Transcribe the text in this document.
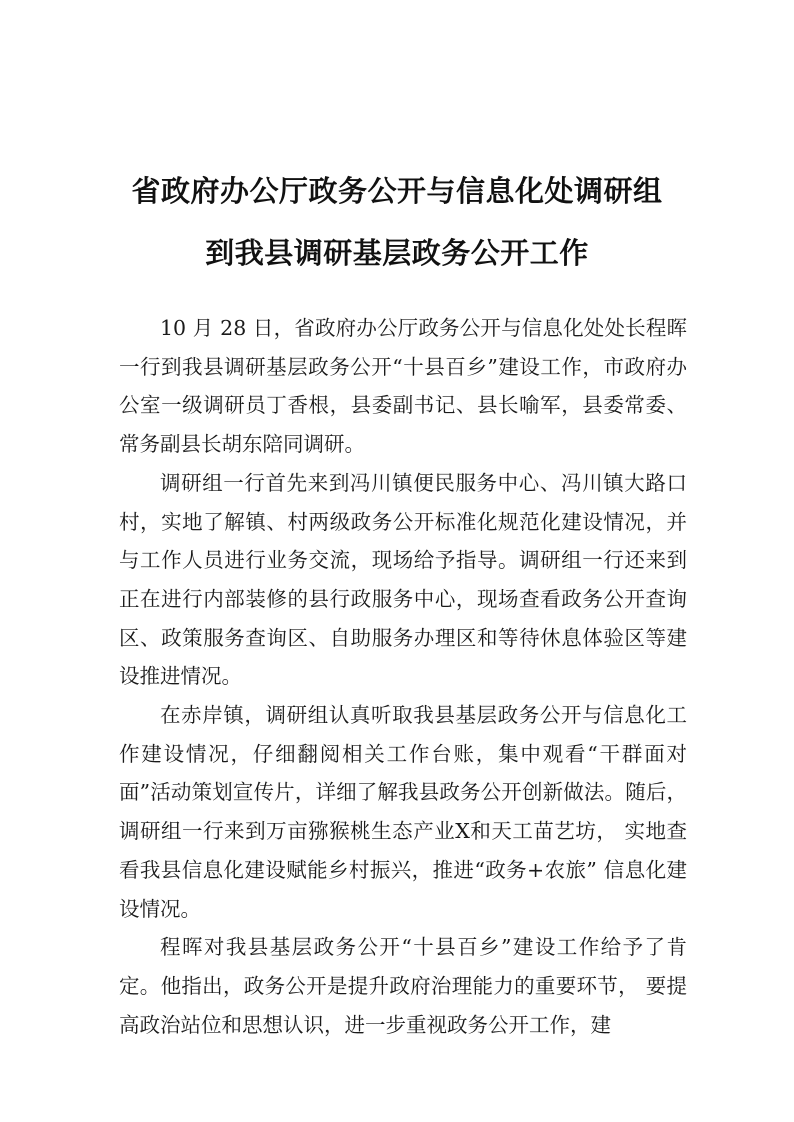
省政府办公厅政务公开与信息化处调研组
到我县调研基层政务公开工作

10 月 28 日，省政府办公厅政务公开与信息化处处长程晖一行到我县调研基层政务公开“十县百乡”建设工作，市政府办公室一级调研员丁香根，县委副书记、县长喻军，县委常委、常务副县长胡东陪同调研。

调研组一行首先来到冯川镇便民服务中心、冯川镇大路口村，实地了解镇、村两级政务公开标准化规范化建设情况，并与工作人员进行业务交流，现场给予指导。调研组一行还来到正在进行内部装修的县行政服务中心，现场查看政务公开查询区、政策服务查询区、自助服务办理区和等待休息体验区等建设推进情况。

在赤岸镇，调研组认真听取我县基层政务公开与信息化工作建设情况，仔细翻阅相关工作台账，集中观看“干群面对面”活动策划宣传片，详细了解我县政务公开创新做法。随后，调研组一行来到万亩猕猴桃生态产业X和天工苗艺坊， 实地查看我县信息化建设赋能乡村振兴，推进“政务+农旅” 信息化建设情况。

程晖对我县基层政务公开“十县百乡”建设工作给予了肯定。他指出，政务公开是提升政府治理能力的重要环节， 要提高政治站位和思想认识，进一步重视政务公开工作，建
